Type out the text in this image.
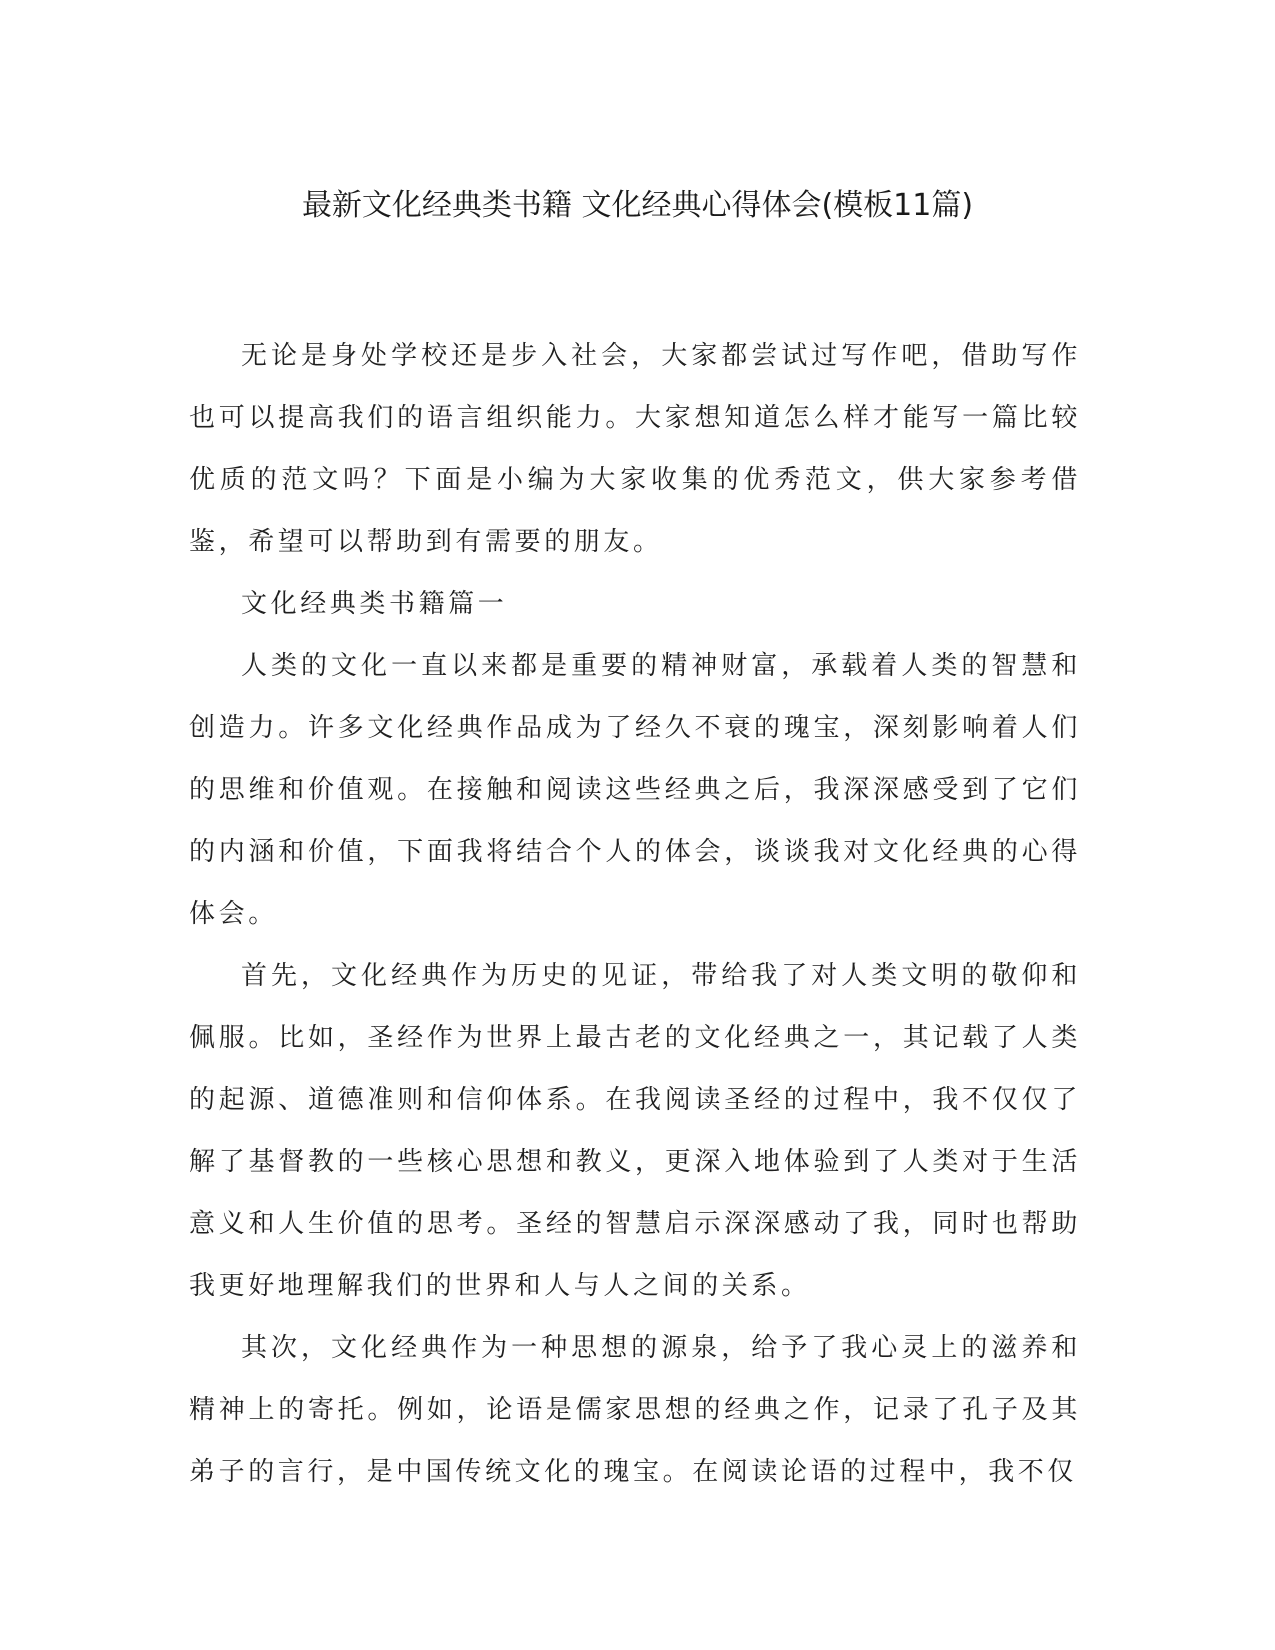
最新文化经典类书籍 文化经典心得体会(模板11篇)

无论是身处学校还是步入社会，大家都尝试过写作吧，借助写作也可以提高我们的语言组织能力。大家想知道怎么样才能写一篇比较优质的范文吗？下面是小编为大家收集的优秀范文，供大家参考借鉴，希望可以帮助到有需要的朋友。

文化经典类书籍篇一

人类的文化一直以来都是重要的精神财富，承载着人类的智慧和创造力。许多文化经典作品成为了经久不衰的瑰宝，深刻影响着人们的思维和价值观。在接触和阅读这些经典之后，我深深感受到了它们的内涵和价值，下面我将结合个人的体会，谈谈我对文化经典的心得体会。

首先，文化经典作为历史的见证，带给我了对人类文明的敬仰和佩服。比如，圣经作为世界上最古老的文化经典之一，其记载了人类的起源、道德准则和信仰体系。在我阅读圣经的过程中，我不仅仅了解了基督教的一些核心思想和教义，更深入地体验到了人类对于生活意义和人生价值的思考。圣经的智慧启示深深感动了我，同时也帮助我更好地理解我们的世界和人与人之间的关系。

其次，文化经典作为一种思想的源泉，给予了我心灵上的滋养和精神上的寄托。例如，论语是儒家思想的经典之作，记录了孔子及其弟子的言行，是中国传统文化的瑰宝。在阅读论语的过程中，我不仅
